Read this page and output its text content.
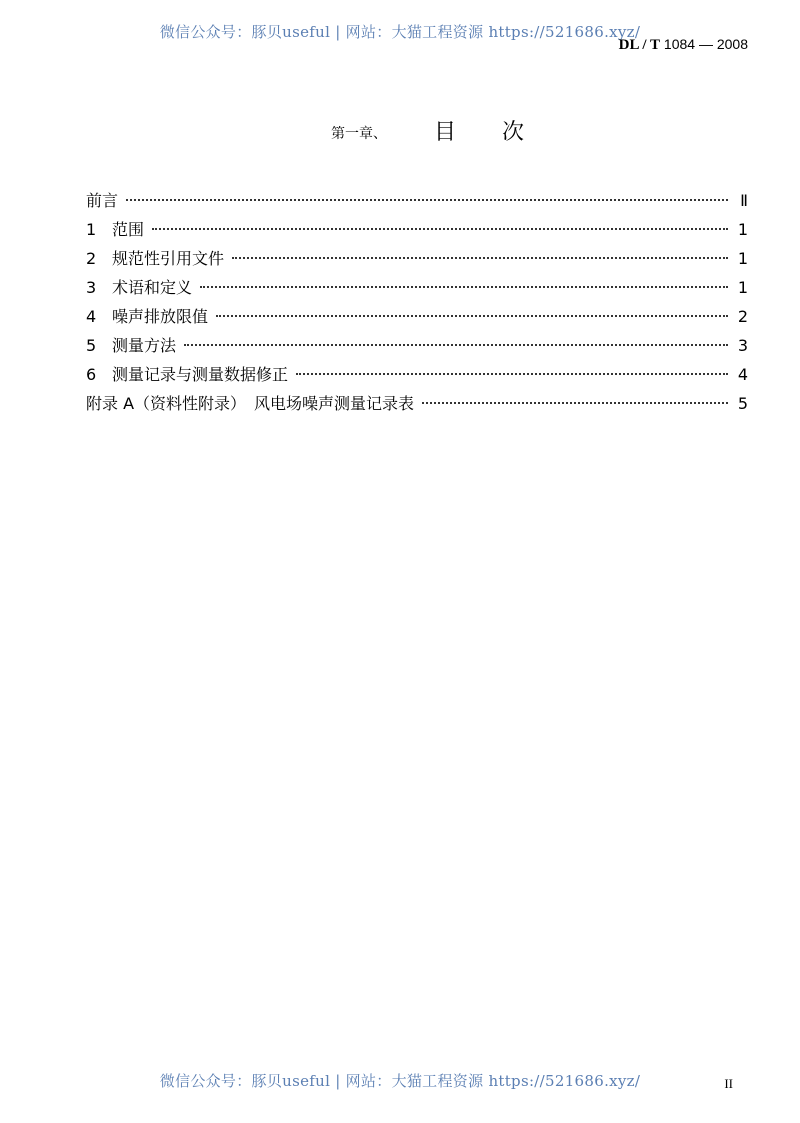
微信公众号：豚贝useful | 网站：大猫工程资源 https://521686.xyz/
DL / T 1084 — 2008
第一章、 目 次
前言	Ⅱ
1 范围	1
2 规范性引用文件	1
3 术语和定义	1
4 噪声排放限值	2
5 测量方法	3
6 测量记录与测量数据修正	4
附录 A（资料性附录）　风电场噪声测量记录表	5
微信公众号：豚贝useful | 网站：大猫工程资源 https://521686.xyz/	II
